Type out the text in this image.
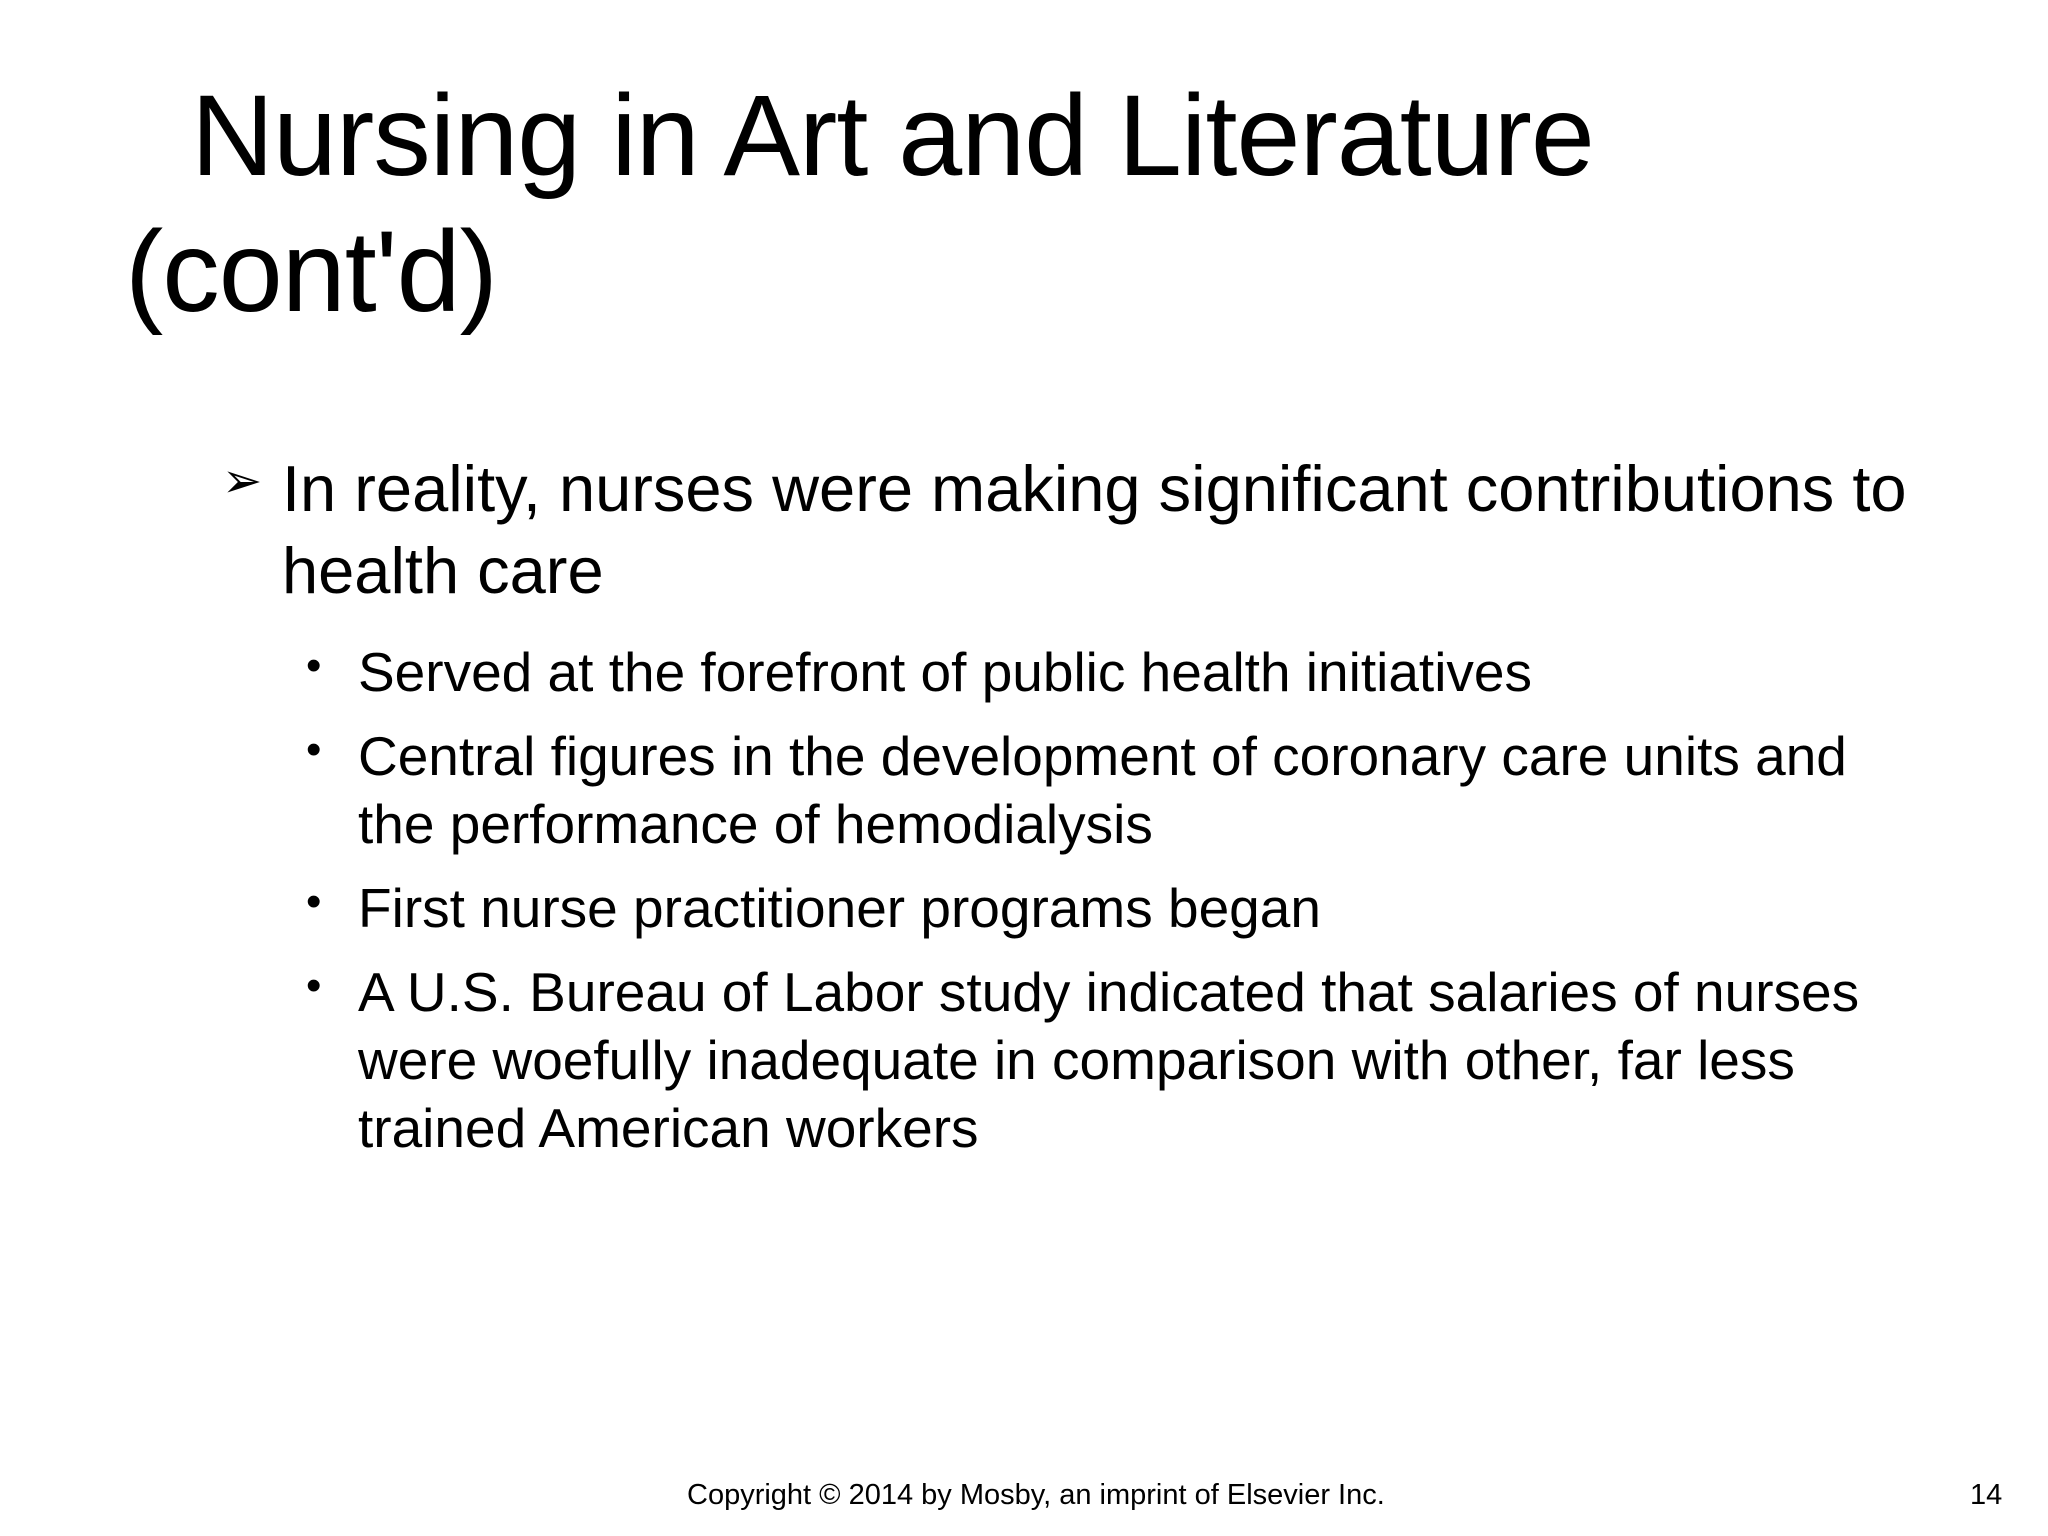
Nursing in Art and Literature
(cont'd)
➢ In reality, nurses were making significant contributions to health care
• Served at the forefront of public health initiatives
• Central figures in the development of coronary care units and the performance of hemodialysis
• First nurse practitioner programs began
• A U.S. Bureau of Labor study indicated that salaries of nurses were woefully inadequate in comparison with other, far less trained American workers
Copyright © 2014 by Mosby, an imprint of Elsevier Inc.	14
